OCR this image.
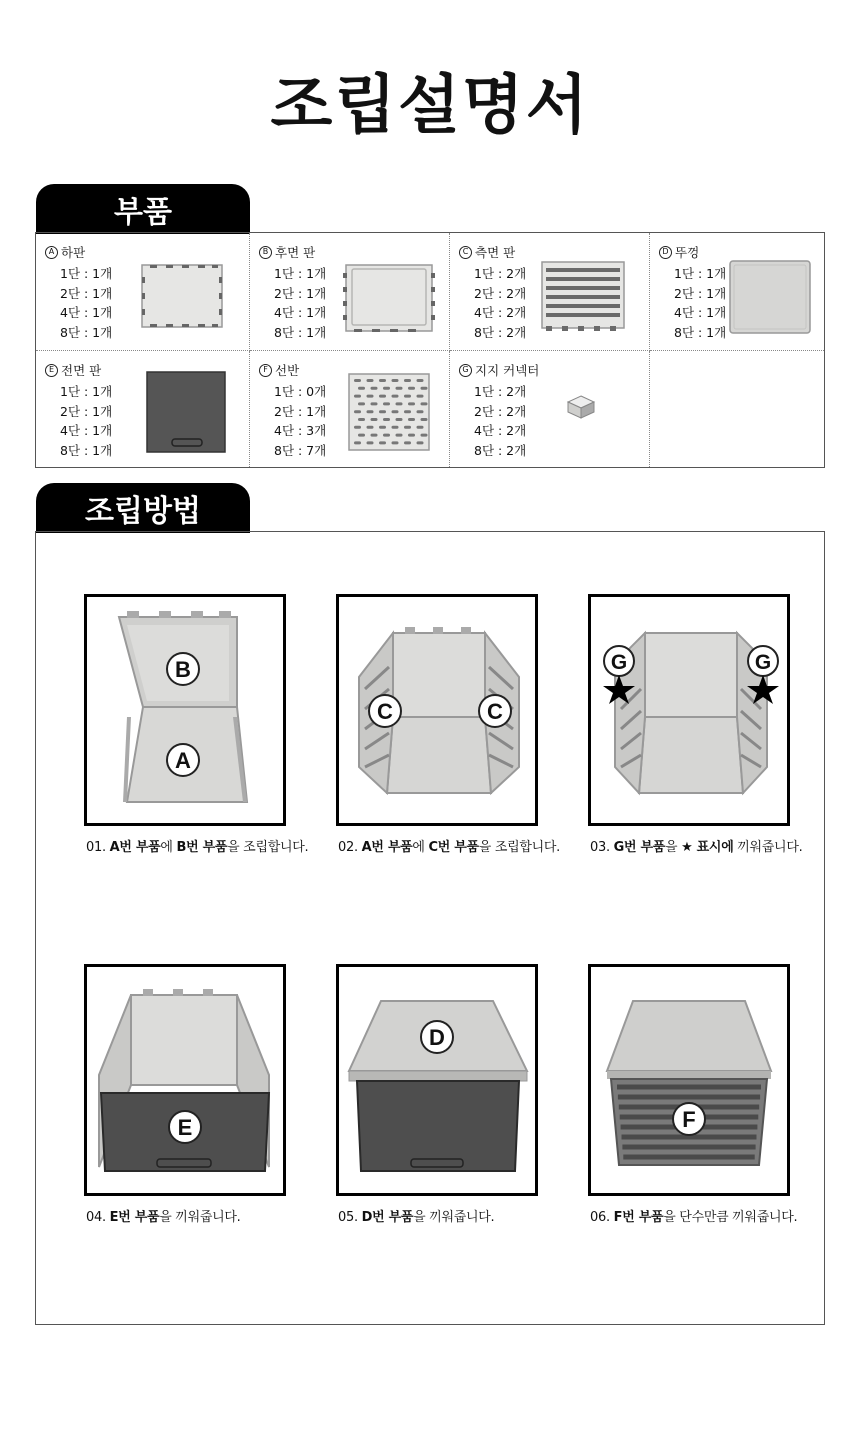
조립설명서
부품
A 하판
1단 : 1개
2단 : 1개
4단 : 1개
8단 : 1개
B 후면 판
1단 : 1개
2단 : 1개
4단 : 1개
8단 : 1개
C 측면 판
1단 : 2개
2단 : 2개
4단 : 2개
8단 : 2개
D 뚜껑
1단 : 1개
2단 : 1개
4단 : 1개
8단 : 1개
E 전면 판
1단 : 1개
2단 : 1개
4단 : 1개
8단 : 1개
F 선반
1단 : 0개
2단 : 1개
4단 : 3개
8단 : 7개
G 지지 커넥터
1단 : 2개
2단 : 2개
4단 : 2개
8단 : 2개
조립방법
B
A
01. A번 부품에 B번 부품을 조립합니다.
C	C
02. A번 부품에 C번 부품을 조립합니다.
G	G
03. G번 부품을 ★ 표시에 끼워줍니다.
E
04. E번 부품을 끼워줍니다.
D
05. D번 부품을 끼워줍니다.
F
06. F번 부품을 단수만큼 끼워줍니다.
